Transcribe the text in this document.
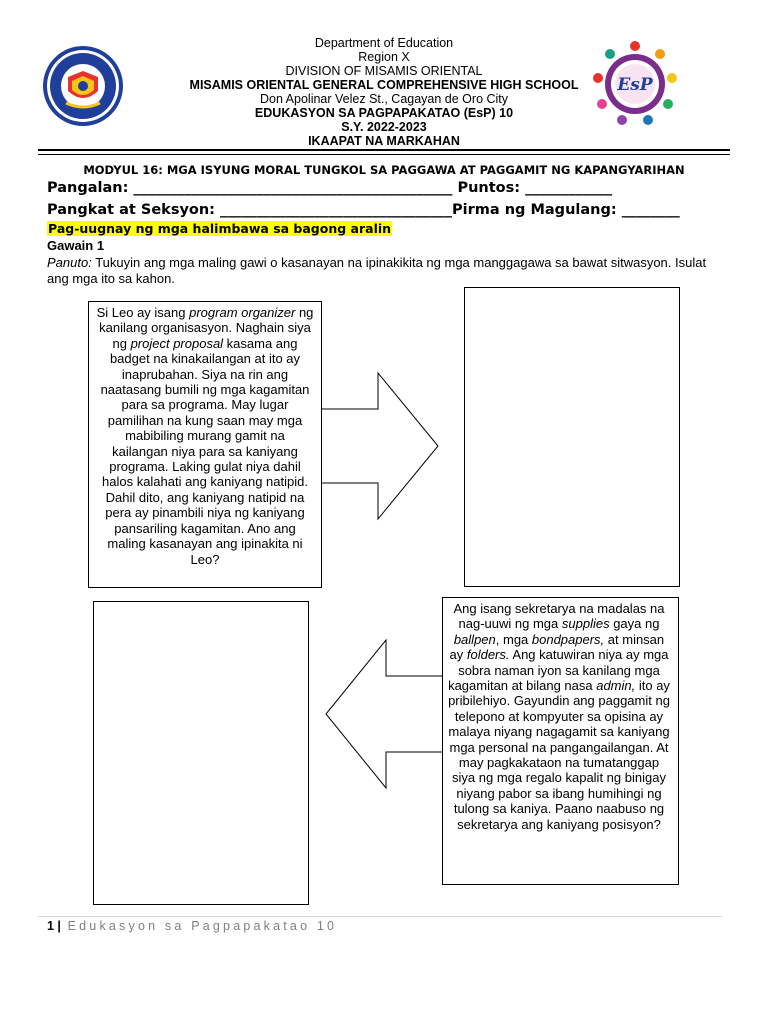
EsP
Department of Education
Region X
DIVISION OF MISAMIS ORIENTAL
MISAMIS ORIENTAL GENERAL COMPREHENSIVE HIGH SCHOOL
Don Apolinar Velez St., Cagayan de Oro City
EDUKASYON SA PAGPAPAKATAO (EsP) 10
S.Y. 2022-2023
IKAAPAT NA MARKAHAN
MODYUL 16: MGA ISYUNG MORAL TUNGKOL SA PAGGAWA AT PAGGAMIT NG KAPANGYARIHAN
Pangalan: ____________________________________________ Puntos: ____________
Pangkat at Seksyon: ________________________________Pirma ng Magulang: ________
Pag-uugnay ng mga halimbawa sa bagong aralin
Gawain 1
Panuto: Tukuyin ang mga maling gawi o kasanayan na ipinakikita ng mga manggagawa sa bawat sitwasyon. Isulat ang mga ito sa kahon.
Si Leo ay isang program organizer ng kanilang organisasyon. Naghain siya ng project proposal kasama ang badget na kinakailangan at ito ay inaprubahan. Siya na rin ang naatasang bumili ng mga kagamitan para sa programa. May lugar pamilihan na kung saan may mga mabibiling murang gamit na kailangan niya para sa kaniyang programa. Laking gulat niya dahil halos kalahati ang kaniyang natipid. Dahil dito, ang kaniyang natipid na pera ay pinambili niya ng kaniyang pansariling kagamitan. Ano ang maling kasanayan ang ipinakita ni Leo?
Ang isang sekretarya na madalas na nag-uuwi ng mga supplies gaya ng ballpen, mga bondpapers, at minsan ay folders. Ang katuwiran niya ay mga sobra naman iyon sa kanilang mga kagamitan at bilang nasa admin, ito ay pribilehiyo. Gayundin ang paggamit ng telepono at kompyuter sa opisina ay malaya niyang nagagamit sa kaniyang mga personal na pangangailangan. At may pagkakataon na tumatanggap siya ng mga regalo kapalit ng binigay niyang pabor sa ibang humihingi ng tulong sa kaniya. Paano naabuso ng sekretarya ang kaniyang posisyon?
1 | Edukasyon sa Pagpapakatao 10
